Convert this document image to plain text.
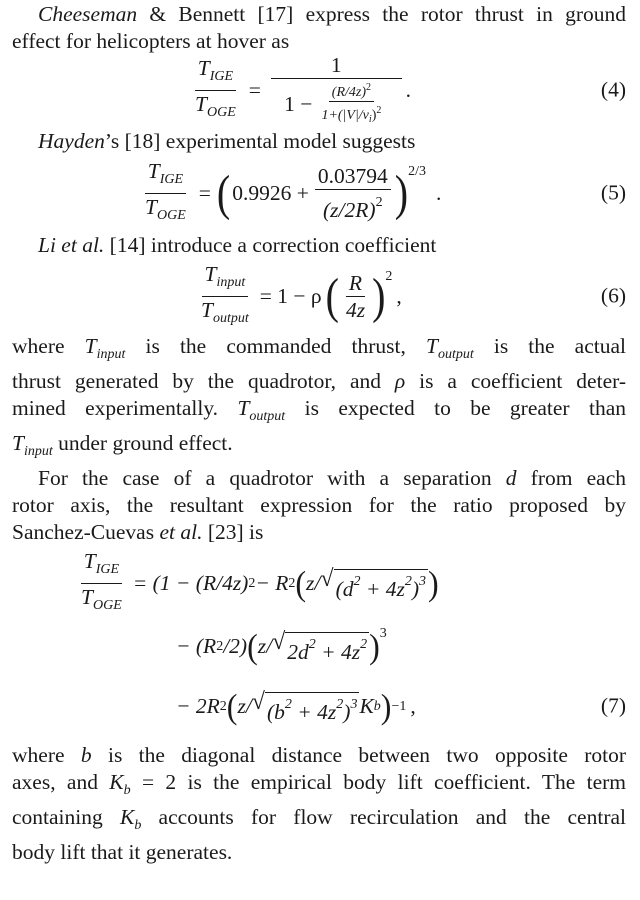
Cheeseman & Bennett [17] express the rotor thrust in ground
effect for helicopters at hover as

$\frac{T_{IGE}}{T_{OGE}} = \frac{1}{1 - \frac{(R/4z)^2}{1+(|V|/v_i)^2}}$ .	(4)

Hayden’s [18] experimental model suggests

$\frac{T_{IGE}}{T_{OGE}}$ = ( $0.9926 + \frac{0.03794}{(z/2R)^2}$ ) 2/3
.	(5)

Li et al. [14] introduce a correction coefficient

$\frac{T_{input}}{T_{output}} = 1 - \rho$ ( $\frac{R}{4z}$ ) 2
,	(6)

where $T_{input}$ is the commanded thrust, $T_{output}$ is the actual
thrust generated by the quadrotor, and ρ is a coefficient deter-
mined experimentally. $T_{output}$ is expected to be greater than
$T_{input}$ under ground effect.

For the case of a quadrotor with a separation d from each
rotor axis, the resultant expression for the ratio proposed by
Sanchez-Cuevas et al. [23] is

$\frac{T_{IGE}}{T_{OGE}} = (1 - (R/4z) 2 - R$ 2 ( z/ √ $(d^2 + 4z^2)^3$ )
− (R 2 /2) ( z/ √ $2d^2 + 4z^2$ ) 3
− 2R 2 ( z/ √ $(b^2 + 4z^2)^3$ K b ) −1 ,	(7)

where b is the diagonal distance between two opposite rotor
axes, and $K_b = 2$ is the empirical body lift coefficient. The term
containing $K_b$ accounts for flow recirculation and the central
body lift that it generates.
